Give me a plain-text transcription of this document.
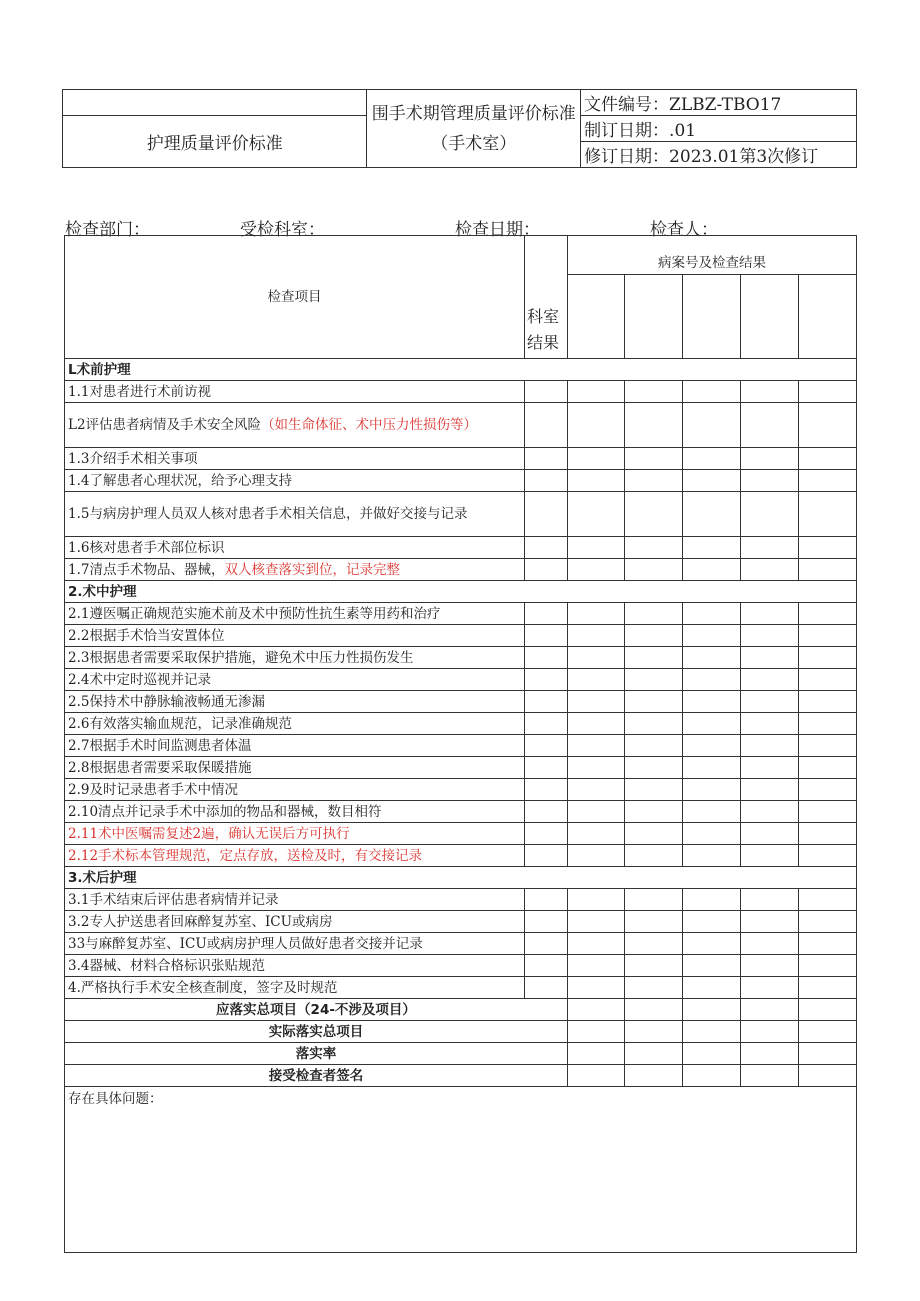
	围手术期管理质量评价标准（手术室）	文件编号：ZLBZ-TBO17
护理质量评价标准		制订日期：.01
		修订日期：2023.01第3次修订
检查部门：	受检科室：	检查日期：	检查人：
检查项目	科室结果	病案号及检查结果				

L术前护理						
1.1对患者进行术前访视						
L2评估患者病情及手术安全风险（如生命体征、术中压力性损伤等）						
1.3介绍手术相关事项						
1.4了解患者心理状况，给予心理支持						
1.5与病房护理人员双人核对患者手术相关信息，并做好交接与记录						
1.6核对患者手术部位标识						
1.7清点手术物品、器械，双人核查落实到位，记录完整						
2.术中护理						
2.1遵医嘱正确规范实施术前及术中预防性抗生素等用药和治疗						
2.2根据手术恰当安置体位						
2.3根据患者需要采取保护措施，避免术中压力性损伤发生						
2.4术中定时巡视并记录						
2.5保持术中静脉输液畅通无渗漏						
2.6有效落实输血规范，记录准确规范						
2.7根据手术时间监测患者体温						
2.8根据患者需要采取保暖措施						
2.9及时记录患者手术中情况						
2.10清点并记录手术中添加的物品和器械，数目相符						
2.11术中医嘱需复述2遍，确认无误后方可执行						
2.12手术标本管理规范，定点存放，送检及时，有交接记录						
3.术后护理						
3.1手术结束后评估患者病情并记录						
3.2专人护送患者回麻醉复苏室、ICU或病房						
33与麻醉复苏室、ICU或病房护理人员做好患者交接并记录						
3.4器械、材料合格标识张贴规范						
4.严格执行手术安全核查制度，签字及时规范						
应落实总项目（24-不涉及项目）						
实际落实总项目						
落实率						
接受检查者签名						
存在具体问题：						
